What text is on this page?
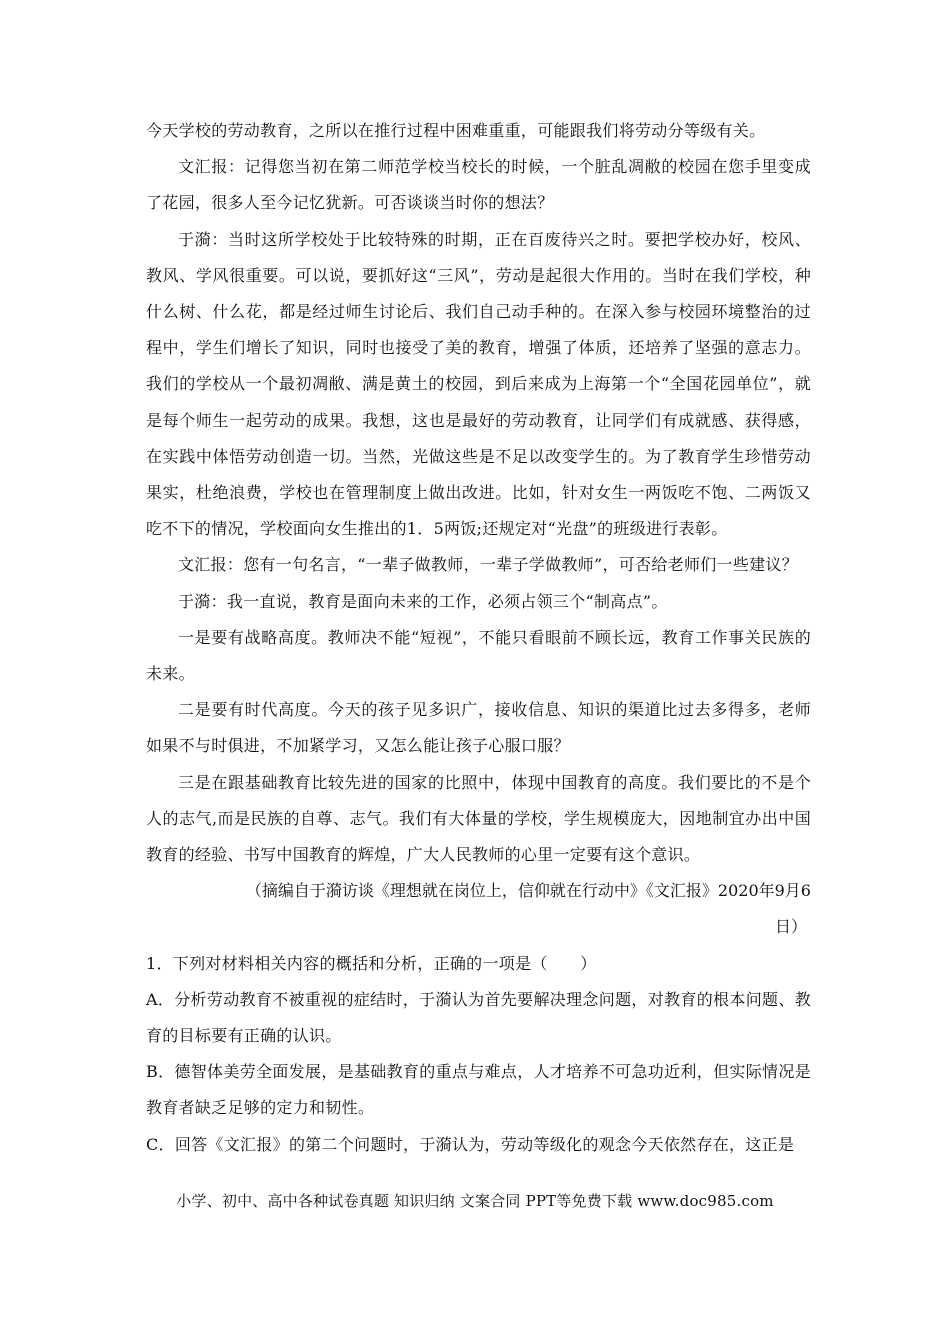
今天学校的劳动教育，之所以在推行过程中困难重重，可能跟我们将劳动分等级有关。

文汇报：记得您当初在第二师范学校当校长的时候，一个脏乱凋敝的校园在您手里变成了花园，很多人至今记忆犹新。可否谈谈当时你的想法？

于漪：当时这所学校处于比较特殊的时期，正在百废待兴之时。要把学校办好，校风、教风、学风很重要。可以说，要抓好这“三风”，劳动是起很大作用的。当时在我们学校，种什么树、什么花，都是经过师生讨论后、我们自己动手种的。在深入参与校园环境整治的过程中，学生们增长了知识，同时也接受了美的教育，增强了体质，还培养了坚强的意志力。我们的学校从一个最初凋敝、满是黄土的校园，到后来成为上海第一个“全国花园单位”，就是每个师生一起劳动的成果。我想，这也是最好的劳动教育，让同学们有成就感、获得感，在实践中体悟劳动创造一切。当然，光做这些是不足以改变学生的。为了教育学生珍惜劳动果实，杜绝浪费，学校也在管理制度上做出改进。比如，针对女生一两饭吃不饱、二两饭又吃不下的情况，学校面向女生推出的1．5两饭;还规定对“光盘”的班级进行表彰。

文汇报：您有一句名言，“一辈子做教师，一辈子学做教师”，可否给老师们一些建议？

于漪：我一直说，教育是面向未来的工作，必须占领三个“制高点”。

一是要有战略高度。教师决不能“短视”，不能只看眼前不顾长远，教育工作事关民族的未来。

二是要有时代高度。今天的孩子见多识广，接收信息、知识的渠道比过去多得多，老师如果不与时俱进，不加紧学习，又怎么能让孩子心服口服？

三是在跟基础教育比较先进的国家的比照中，体现中国教育的高度。我们要比的不是个人的志气,而是民族的自尊、志气。我们有大体量的学校，学生规模庞大，因地制宜办出中国教育的经验、书写中国教育的辉煌，广大人民教师的心里一定要有这个意识。

（摘编自于漪访谈《理想就在岗位上，信仰就在行动中》《文汇报》2020年9月6

日）

1．下列对材料相关内容的概括和分析，正确的一项是（　　）

A．分析劳动教育不被重视的症结时，于漪认为首先要解决理念问题，对教育的根本问题、教育的目标要有正确的认识。

B．德智体美劳全面发展，是基础教育的重点与难点，人才培养不可急功近利，但实际情况是教育者缺乏足够的定力和韧性。

C．回答《文汇报》的第二个问题时，于漪认为，劳动等级化的观念今天依然存在，这正是

小学、初中、高中各种试卷真题 知识归纳 文案合同 PPT等免费下载 www.doc985.com
